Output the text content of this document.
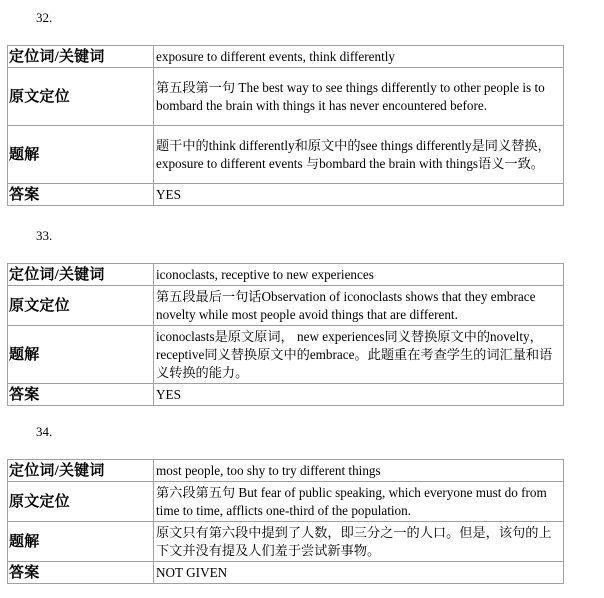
32.
定位词/关键词	exposure to different events, think differently
原文定位	第五段第一句 The best way to see things differently to other people is to bombard the brain with things it has never encountered before.
题解	题干中的think differently和原文中的see things differently是同义替换， exposure to different events 与bombard the brain with things语义一致。
答案	YES
33.
定位词/关键词	iconoclasts, receptive to new experiences
原文定位	第五段最后一句话Observation of iconoclasts shows that they embrace novelty while most people avoid things that are different.
题解	iconoclasts是原文原词， new experiences同义替换原文中的novelty，receptive同义替换原文中的embrace。此题重在考查学生的词汇量和语义转换的能力。
答案	YES
34.
定位词/关键词	most people, too shy to try different things
原文定位	第六段第五句 But fear of public speaking, which everyone must do from time to time, afflicts one-third of the population.
题解	原文只有第六段中提到了人数，即三分之一的人口。但是，该句的上下文并没有提及人们羞于尝试新事物。
答案	NOT GIVEN
